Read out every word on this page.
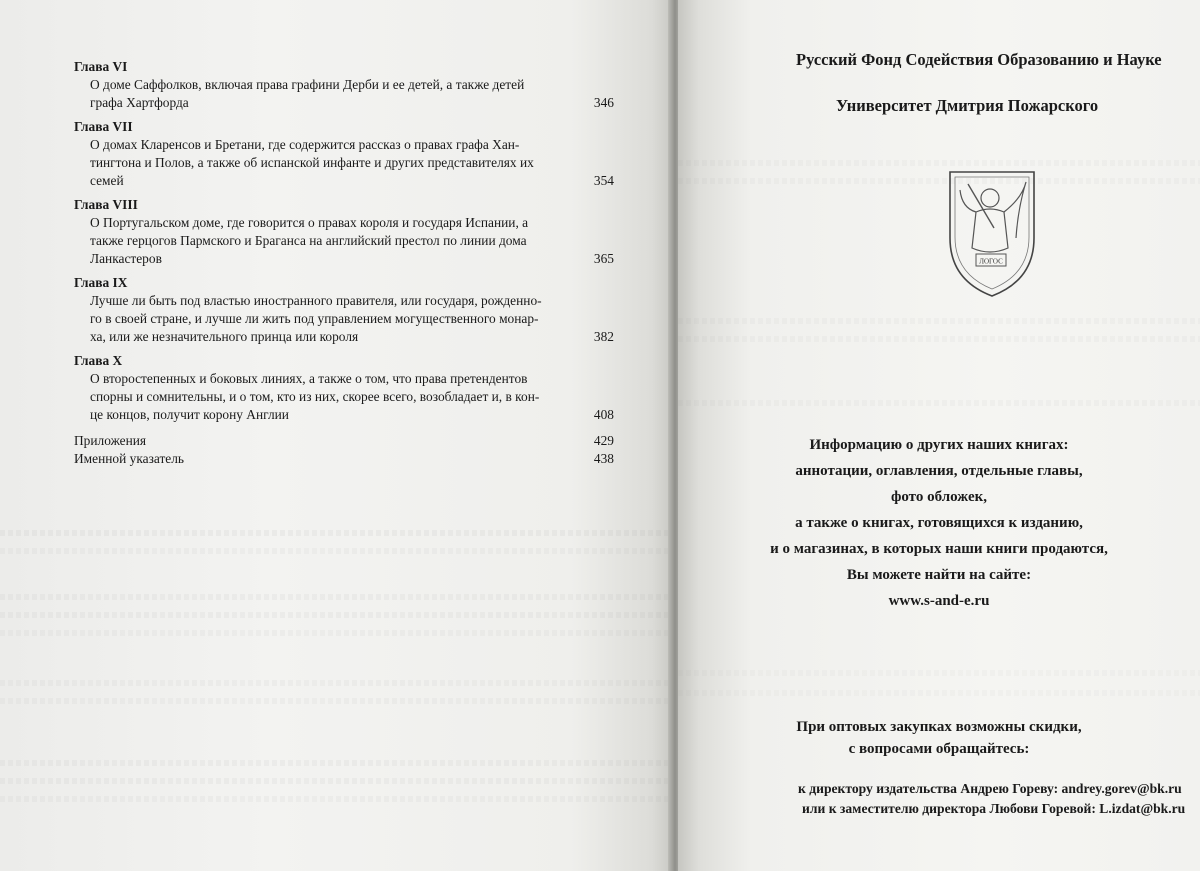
Глава VI
О доме Саффолков, включая права графини Дерби и ее детей, а также детей
графа Хартфорда	346
Глава VII
О домах Кларенсов и Бретани, где содержится рассказ о правах графа Хан-
тингтона и Полов, а также об испанской инфанте и других представителях их
семей	354
Глава VIII
О Португальском доме, где говорится о правах короля и государя Испании, а
также герцогов Пармского и Браганса на английский престол по линии дома
Ланкастеров	365
Глава IX
Лучше ли быть под властью иностранного правителя, или государя, рожденно-
го в своей стране, и лучше ли жить под управлением могущественного монар-
ха, или же незначительного принца или короля	382
Глава X
О второстепенных и боковых линиях, а также о том, что права претендентов
спорны и сомнительны, и о том, кто из них, скорее всего, возобладает и, в кон-
це концов, получит корону Англии	408
Приложения	429
Именной указатель	438
Русский Фонд Содействия Образованию и Науке
Университет Дмитрия Пожарского
ЛОГОС
Информацию о других наших книгах:
аннотации, оглавления, отдельные главы,
фото обложек,
а также о книгах, готовящихся к изданию,
и о магазинах, в которых наши книги продаются,
Вы можете найти на сайте:
www.s-and-e.ru
При оптовых закупках возможны скидки,
с вопросами обращайтесь:
к директору издательства Андрею Гореву: andrey.gorev@bk.ru
или к заместителю директора Любови Горевой: L.izdat@bk.ru
